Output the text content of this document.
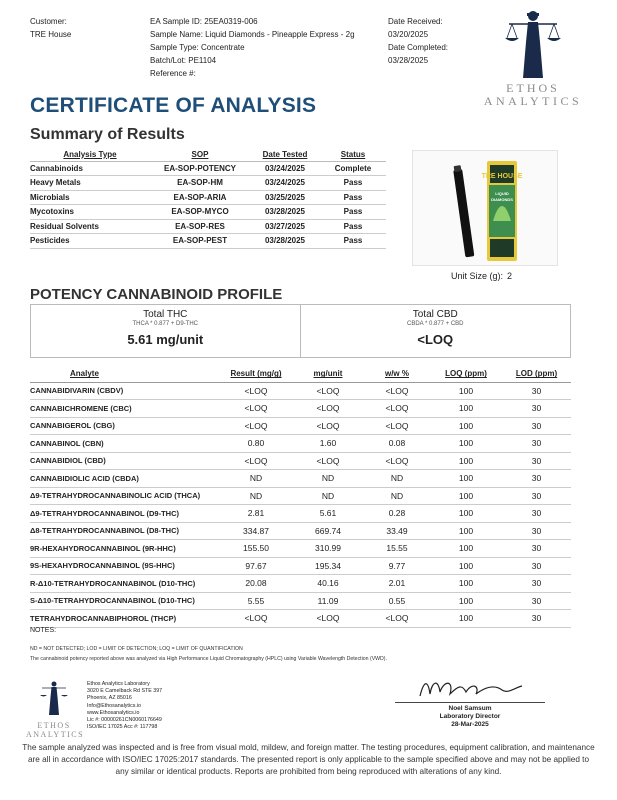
Customer:
TRE House
EA Sample ID: 25EA0319-006
Sample Name: Liquid Diamonds - Pineapple Express - 2g
Sample Type: Concentrate
Batch/Lot: PE1104
Reference #:
Date Received:
03/20/2025
Date Completed:
03/28/2025
ETHOS
ANALYTICS
CERTIFICATE OF ANALYSIS
Summary of Results
Analysis Type	SOP	Date Tested	Status
Cannabinoids	EA-SOP-POTENCY	03/24/2025	Complete
Heavy Metals	EA-SOP-HM	03/24/2025	Pass
Microbials	EA-SOP-ARIA	03/25/2025	Pass
Mycotoxins	EA-SOP-MYCO	03/28/2025	Pass
Residual Solvents	EA-SOP-RES	03/27/2025	Pass
Pesticides	EA-SOP-PEST	03/28/2025	Pass
TRE HOUSE
LIQUID
DIAMONDS
Unit Size (g): 2
POTENCY CANNABINOID PROFILE
Total THC
THCA * 0.877 + D9-THC
5.61 mg/unit
Total CBD
CBDA * 0.877 + CBD
<LOQ
Analyte	Result (mg/g)	mg/unit	w/w %	LOQ (ppm)	LOD (ppm)
CANNABIDIVARIN (CBDV)	<LOQ	<LOQ	<LOQ	100	30
CANNABICHROMENE (CBC)	<LOQ	<LOQ	<LOQ	100	30
CANNABIGEROL (CBG)	<LOQ	<LOQ	<LOQ	100	30
CANNABINOL (CBN)	0.80	1.60	0.08	100	30
CANNABIDIOL (CBD)	<LOQ	<LOQ	<LOQ	100	30
CANNABIDIOLIC ACID (CBDA)	ND	ND	ND	100	30
Δ9-TETRAHYDROCANNABINOLIC ACID (THCA)	ND	ND	ND	100	30
Δ9-TETRAHYDROCANNABINOL (D9-THC)	2.81	5.61	0.28	100	30
Δ8-TETRAHYDROCANNABINOL (D8-THC)	334.87	669.74	33.49	100	30
9R-HEXAHYDROCANNABINOL (9R-HHC)	155.50	310.99	15.55	100	30
9S-HEXAHYDROCANNABINOL (9S-HHC)	97.67	195.34	9.77	100	30
R-Δ10-TETRAHYDROCANNABINOL (D10-THC)	20.08	40.16	2.01	100	30
S-Δ10-TETRAHYDROCANNABINOL (D10-THC)	5.55	11.09	0.55	100	30
TETRAHYDROCANNABIPHOROL (THCP)	<LOQ	<LOQ	<LOQ	100	30
NOTES:
ND = NOT DETECTED; LOD = LIMIT OF DETECTION; LOQ = LIMIT OF QUANTIFICATION
The cannabinoid potency reported above was analyzed via High Performance Liquid Chromatography (HPLC) using Variable Wavelength Detection (VWD).
ETHOS
ANALYTICS
Ethos Analytics Laboratory
3020 E Camelback Rd STE 397
Phoenix, AZ 85016
Info@Ethosanalytics.io
www.Ethosanalytics.io
Lic #: 00000261CN0060176649
ISO/IEC 17025 Acc #: 117798
Noel Samsum
Laboratory Director
28-Mar-2025
The sample analyzed was inspected and is free from visual mold, mildew, and foreign matter. The testing procedures, equipment calibration, and maintenance are all in accordance with ISO/IEC 17025:2017 standards. The presented report is only applicable to the sample specified above and may not be applied to any similar or identical products. Reports are prohibited from being reproduced with alterations of any kind.
